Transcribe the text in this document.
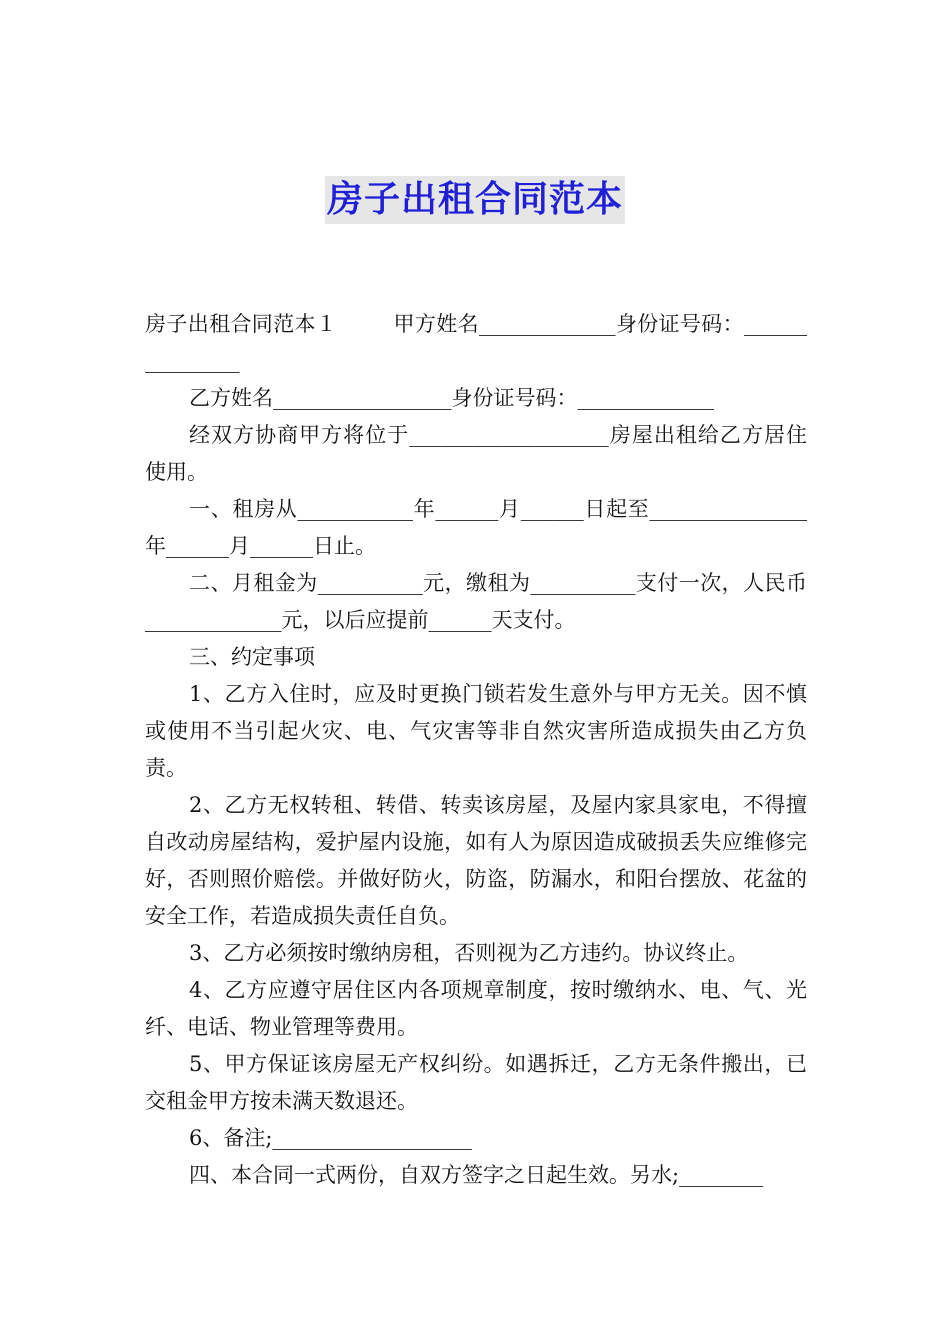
房子出租合同范本

房子出租合同范本１        甲方姓名_____________身份证号码：_______________

乙方姓名_________________身份证号码：_____________

经双方协商甲方将位于___________________房屋出租给乙方居住使用。

一、租房从___________年______月______日起至_______________年______月______日止。

二、月租金为__________元，缴租为__________支付一次，人民币_____________元，以后应提前______天支付。

三、约定事项

1、乙方入住时，应及时更换门锁若发生意外与甲方无关。因不慎或使用不当引起火灾、电、气灾害等非自然灾害所造成损失由乙方负责。

2、乙方无权转租、转借、转卖该房屋，及屋内家具家电，不得擅自改动房屋结构，爱护屋内设施，如有人为原因造成破损丢失应维修完好，否则照价赔偿。并做好防火，防盗，防漏水，和阳台摆放、花盆的安全工作，若造成损失责任自负。

3、乙方必须按时缴纳房租，否则视为乙方违约。协议终止。

4、乙方应遵守居住区内各项规章制度，按时缴纳水、电、气、光纤、电话、物业管理等费用。

5、甲方保证该房屋无产权纠纷。如遇拆迁，乙方无条件搬出，已交租金甲方按未满天数退还。

6、备注;___________________

四、本合同一式两份，自双方签字之日起生效。另水;________
